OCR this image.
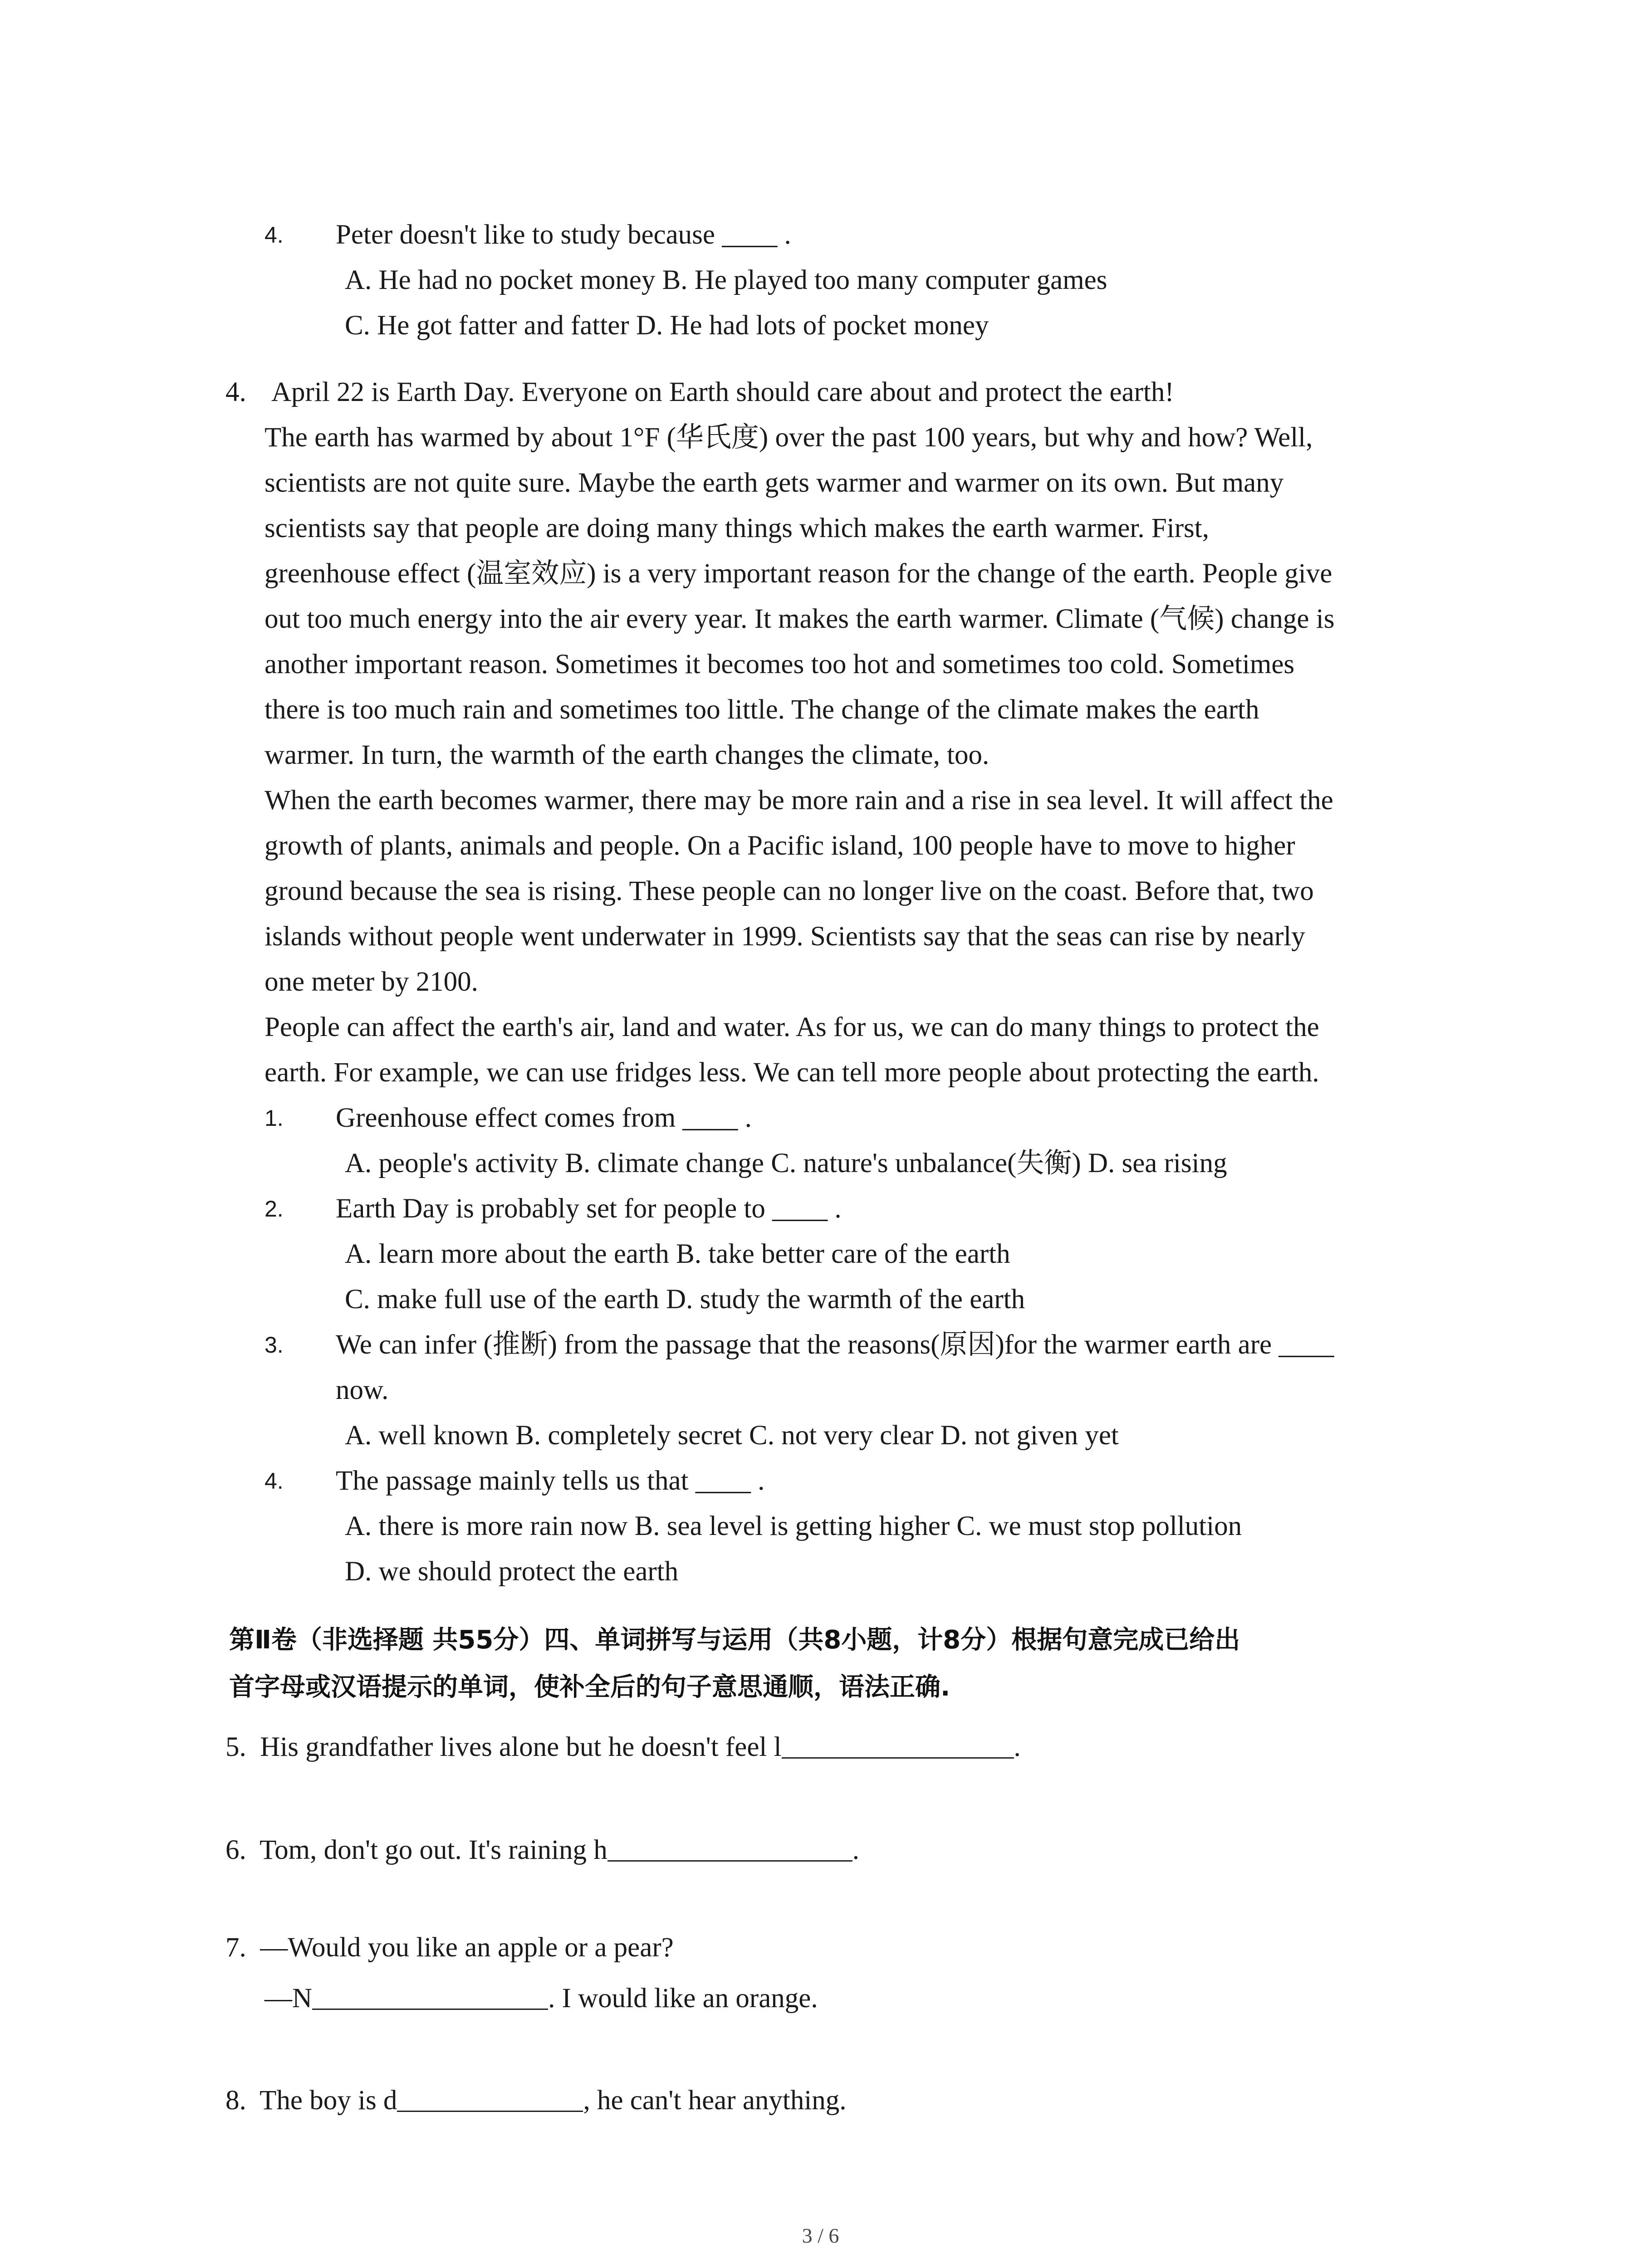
4. Peter doesn't like to study because ____ .
A. He had no pocket money B. He played too many computer games
C. He got fatter and fatter D. He had lots of pocket money
4. April 22 is Earth Day. Everyone on Earth should care about and protect the earth!
The earth has warmed by about 1°F (华氏度) over the past 100 years, but why and how? Well,
scientists are not quite sure. Maybe the earth gets warmer and warmer on its own. But many
scientists say that people are doing many things which makes the earth warmer. First,
greenhouse effect (温室效应) is a very important reason for the change of the earth. People give
out too much energy into the air every year. It makes the earth warmer. Climate (气候) change is
another important reason. Sometimes it becomes too hot and sometimes too cold. Sometimes
there is too much rain and sometimes too little. The change of the climate makes the earth
warmer. In turn, the warmth of the earth changes the climate, too.
When the earth becomes warmer, there may be more rain and a rise in sea level. It will affect the
growth of plants, animals and people. On a Pacific island, 100 people have to move to higher
ground because the sea is rising. These people can no longer live on the coast. Before that, two
islands without people went underwater in 1999. Scientists say that the seas can rise by nearly
one meter by 2100.
People can affect the earth's air, land and water. As for us, we can do many things to protect the
earth. For example, we can use fridges less. We can tell more people about protecting the earth.
1. Greenhouse effect comes from ____ .
A. people's activity B. climate change C. nature's unbalance(失衡) D. sea rising
2. Earth Day is probably set for people to ____ .
A. learn more about the earth B. take better care of the earth
C. make full use of the earth D. study the warmth of the earth
3. We can infer (推断) from the passage that the reasons(原因)for the warmer earth are ____
now.
A. well known B. completely secret C. not very clear D. not given yet
4. The passage mainly tells us that ____ .
A. there is more rain now B. sea level is getting higher C. we must stop pollution
D. we should protect the earth
第Ⅱ卷（非选择题 共55分）四、单词拼写与运用（共8小题，计8分）根据句意完成已给出
首字母或汉语提示的单词，使补全后的句子意思通顺，语法正确.
5. His grandfather lives alone but he doesn't feel l	.
6. Tom, don't go out. It's raining h	.
7. —Would you like an apple or a pear?
—N	. I would like an orange.
8. The boy is d	, he can't hear anything.
3 / 6
